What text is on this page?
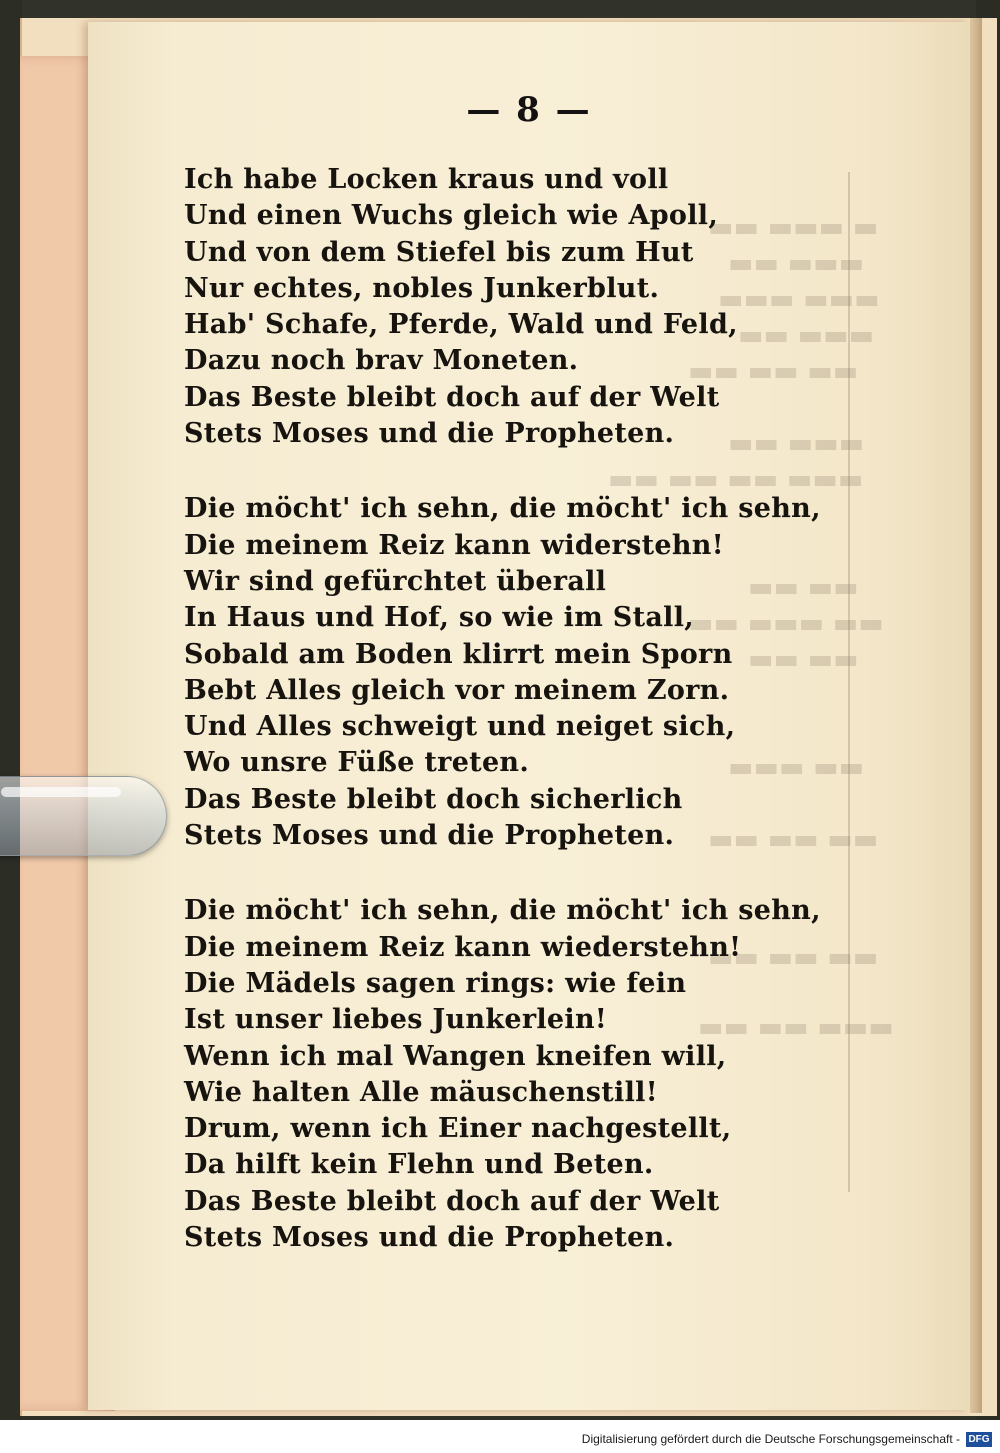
▬ ▬▬▬ ▬▬
▬▬▬ ▬▬
▬▬▬ ▬▬▬
▬▬▬ ▬▬
▬▬ ▬▬ ▬▬
▬▬▬ ▬▬
▬▬▬ ▬▬ ▬▬ ▬▬
▬▬ ▬▬
▬▬ ▬▬▬ ▬▬
▬▬ ▬▬
▬▬ ▬▬▬
▬▬ ▬▬ ▬▬
▬▬ ▬▬ ▬▬
▬▬▬ ▬▬ ▬▬
— 8 —
Ich habe Locken kraus und voll
Und einen Wuchs gleich wie Apoll,
Und von dem Stiefel bis zum Hut
Nur echtes, nobles Junkerblut.
Hab' Schafe, Pferde, Wald und Feld,
Dazu noch brav Moneten.
Das Beste bleibt doch auf der Welt
Stets Moses und die Propheten.
Die möcht' ich sehn, die möcht' ich sehn,
Die meinem Reiz kann widerstehn!
Wir sind gefürchtet überall
In Haus und Hof, so wie im Stall,
Sobald am Boden klirrt mein Sporn
Bebt Alles gleich vor meinem Zorn.
Und Alles schweigt und neiget sich,
Wo unsre Füße treten.
Das Beste bleibt doch sicherlich
Stets Moses und die Propheten.
Die möcht' ich sehn, die möcht' ich sehn,
Die meinem Reiz kann wiederstehn!
Die Mädels sagen rings: wie fein
Ist unser liebes Junkerlein!
Wenn ich mal Wangen kneifen will,
Wie halten Alle mäuschenstill!
Drum, wenn ich Einer nachgestellt,
Da hilft kein Flehn und Beten.
Das Beste bleibt doch auf der Welt
Stets Moses und die Propheten.
Digitalisierung gefördert durch die Deutsche Forschungsgemeinschaft - DFG
